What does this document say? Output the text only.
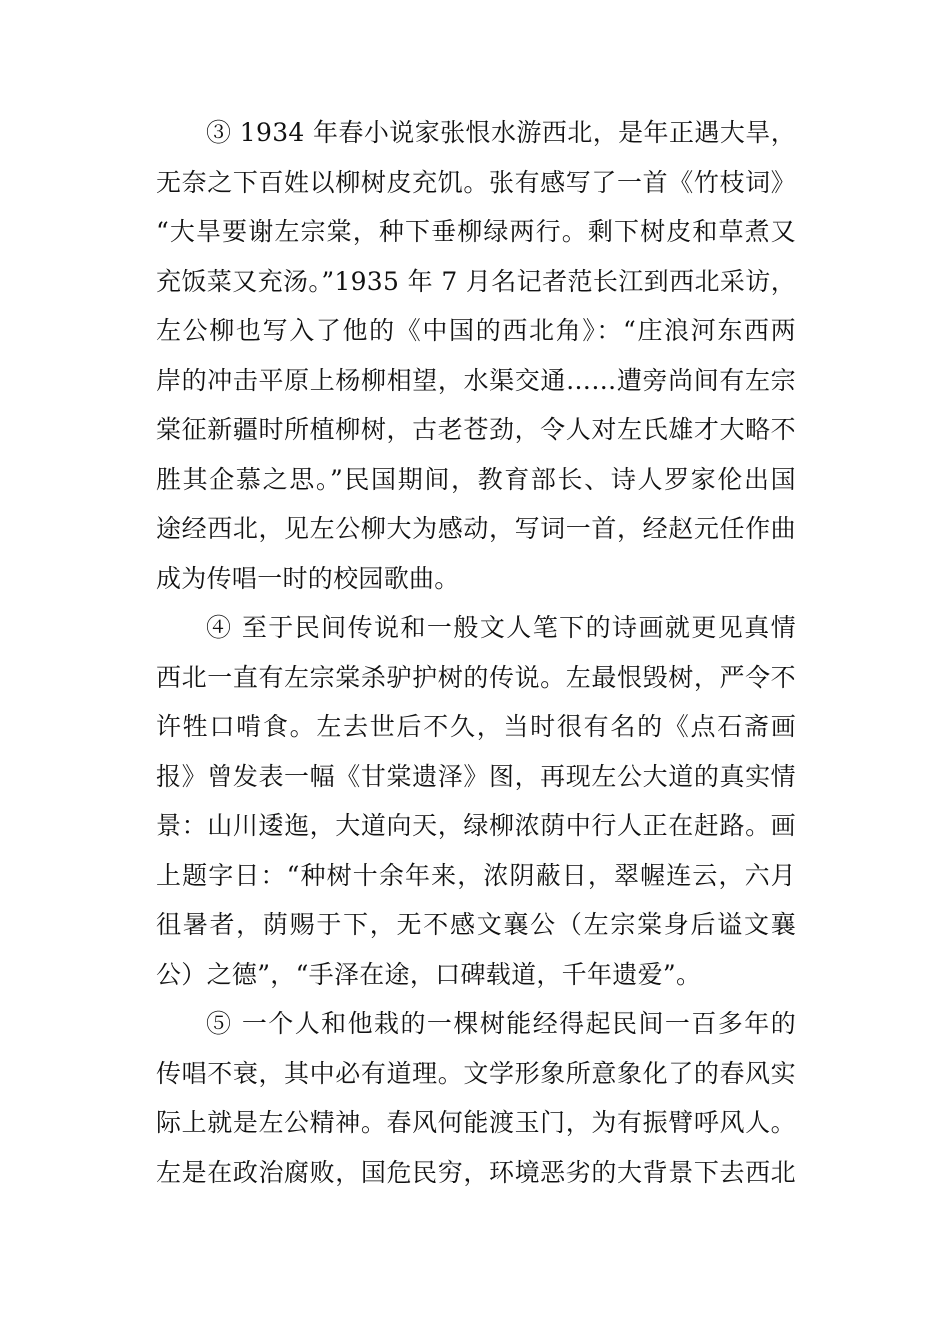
③ 1934 年春小说家张恨水游西北，是年正遇大旱，
无奈之下百姓以柳树皮充饥。张有感写了一首《竹枝词》
“大旱要谢左宗棠，种下垂柳绿两行。剩下树皮和草煮又
充饭菜又充汤。”1935 年 7 月名记者范长江到西北采访，
左公柳也写入了他的《中国的西北角》：“庄浪河东西两
岸的冲击平原上杨柳相望，水渠交通……遭旁尚间有左宗
棠征新疆时所植柳树，古老苍劲，令人对左氏雄才大略不
胜其企慕之思。”民国期间，教育部长、诗人罗家伦出国
途经西北，见左公柳大为感动，写词一首，经赵元任作曲
成为传唱一时的校园歌曲。
④ 至于民间传说和一般文人笔下的诗画就更见真情
西北一直有左宗棠杀驴护树的传说。左最恨毁树，严令不
许牲口啃食。左去世后不久，当时很有名的《点石斋画
报》曾发表一幅《甘棠遗泽》图，再现左公大道的真实情
景：山川逶迤，大道向天，绿柳浓荫中行人正在赶路。画
上题字日：“种树十余年来，浓阴蔽日，翠幄连云，六月
徂暑者，荫赐于下，无不感文襄公（左宗棠身后谥文襄
公）之德”，“手泽在途，口碑载道，千年遗爱”。
⑤ 一个人和他栽的一棵树能经得起民间一百多年的
传唱不衰，其中必有道理。文学形象所意象化了的春风实
际上就是左公精神。春风何能渡玉门，为有振臂呼风人。
左是在政治腐败，国危民穷，环境恶劣的大背景下去西北
